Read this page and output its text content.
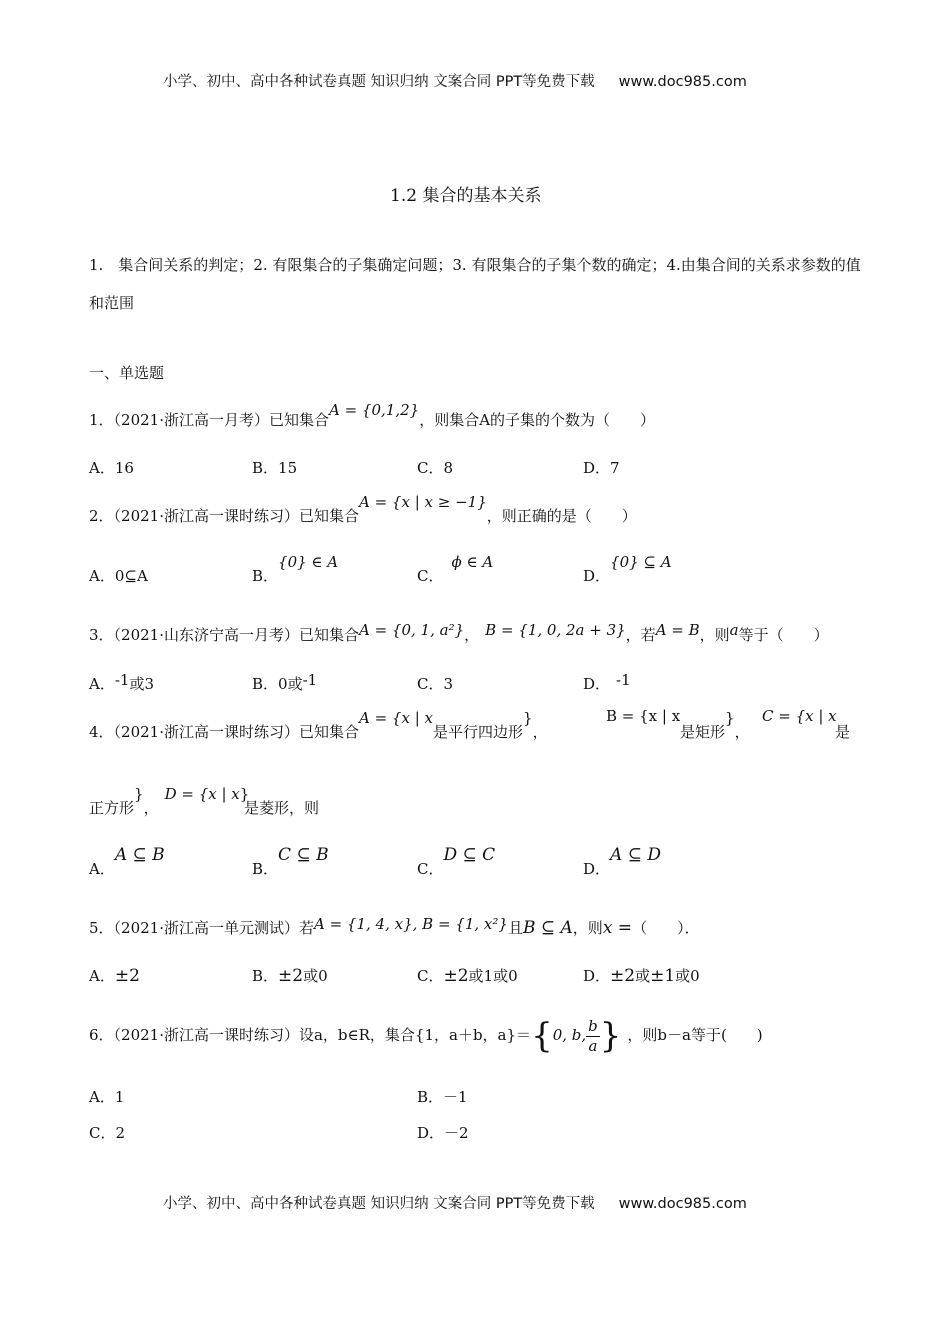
小学、初中、高中各种试卷真题 知识归纳 文案合同 PPT等免费下载 www.doc985.com
1.2 集合的基本关系
1.　集合间关系的判定；2. 有限集合的子集确定问题；3. 有限集合的子集个数的确定；4.由集合间的关系求参数的值和范围
一、单选题
1．（2021·浙江高一月考）已知集合A = {0,1,2}，则集合A的子集的个数为（　　）
A．16	B．15	C．8	D．7
2．（2021·浙江高一课时练习）已知集合A = {x | x ≥ −1}，则正确的是（　　）
A．0⊆A	B．{0} ∈ A
C．ϕ ∈ A
D．{0} ⊆ A
3．（2021·山东济宁高一月考）已知集合A = {0, 1, a²}， B = {1, 0, 2a + 3}，若A = B，则a等于（　　）
A．-1或3	B．0或-1	C．3	D． -1
4．（2021·浙江高一课时练习）已知集合A = {x | x是平行四边形}，
B = {x | x
是矩形}，
C = {x | x
是
正方形}，D = {x | x}
是菱形，则
A．A ⊆ B
B．C ⊆ B
C．D ⊆ C
D．A ⊆ D
5．（2021·浙江高一单元测试）若A = {1, 4, x}, B = {1, x²}且B ⊆ A，则x =（　　）．
A．±2	B．±2或0	C．±2或1或0	D．±2或±1或0
6．（2021·浙江高一课时练习）设a，b∈R，集合{1，a＋b，a}＝{0, b, $\frac{b}{a}$ } ，则b－a等于(　　)
A．1	B．－1
C．2	D．－2
小学、初中、高中各种试卷真题 知识归纳 文案合同 PPT等免费下载 www.doc985.com
